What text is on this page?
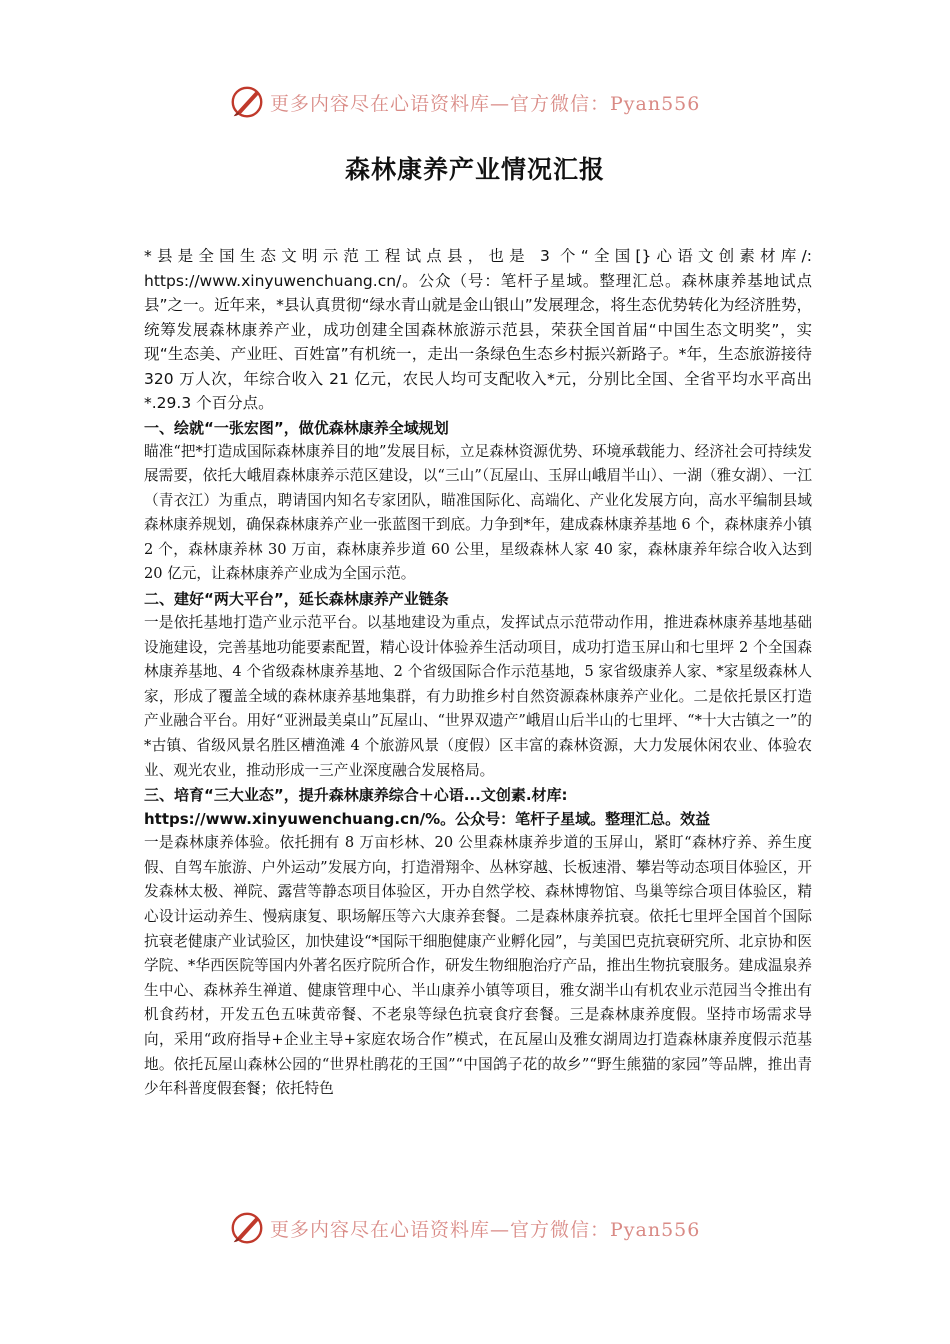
更多内容尽在心语资料库—官方微信：Pyan556
森林康养产业情况汇报

*县是全国生态文明示范工程试点县，也是 3 个“全国[}心语文创素材库/: https://www.xinyuwenchuang.cn/。公众（号：笔杆子星域。整理汇总。森林康养基地试点县”之一。近年来，*县认真贯彻“绿水青山就是金山银山”发展理念，将生态优势转化为经济胜势，统筹发展森林康养产业，成功创建全国森林旅游示范县，荣获全国首届“中国生态文明奖”，实现“生态美、产业旺、百姓富”有机统一，走出一条绿色生态乡村振兴新路子。*年，生态旅游接待 320 万人次，年综合收入 21 亿元，农民人均可支配收入*元，分别比全国、全省平均水平高出*.29.3 个百分点。

一、绘就“一张宏图”，做优森林康养全域规划

瞄准“把*打造成国际森林康养目的地”发展目标，立足森林资源优势、环境承载能力、经济社会可持续发展需要，依托大峨眉森林康养示范区建设，以“三山”（瓦屋山、玉屏山峨眉半山）、一湖（雅女湖）、一江（青衣江）为重点，聘请国内知名专家团队，瞄准国际化、高端化、产业化发展方向，高水平编制县域森林康养规划，确保森林康养产业一张蓝图干到底。力争到*年，建成森林康养基地 6 个，森林康养小镇 2 个，森林康养林 30 万亩，森林康养步道 60 公里，星级森林人家 40 家，森林康养年综合收入达到 20 亿元，让森林康养产业成为全国示范。

二、建好“两大平台”，延长森林康养产业链条

一是依托基地打造产业示范平台。以基地建设为重点，发挥试点示范带动作用，推进森林康养基地基础设施建设，完善基地功能要素配置，精心设计体验养生活动项目，成功打造玉屏山和七里坪 2 个全国森林康养基地、4 个省级森林康养基地、2 个省级国际合作示范基地，5 家省级康养人家、*家星级森林人家，形成了覆盖全域的森林康养基地集群，有力助推乡村自然资源森林康养产业化。二是依托景区打造产业融合平台。用好“亚洲最美桌山”瓦屋山、“世界双遗产”峨眉山后半山的七里坪、“*十大古镇之一”的*古镇、省级风景名胜区槽渔滩 4 个旅游风景（度假）区丰富的森林资源，大力发展休闲农业、体验农业、观光农业，推动形成一三产业深度融合发展格局。

三、培育“三大业态”，提升森林康养综合＋心语...文创素.材库: https://www.xinyuwenchuang.cn/%。公众号：笔杆子星域。整理汇总。效益

一是森林康养体验。依托拥有 8 万亩杉林、20 公里森林康养步道的玉屏山，紧盯“森林疗养、养生度假、自驾车旅游、户外运动”发展方向，打造滑翔伞、丛林穿越、长板速滑、攀岩等动态项目体验区，开发森林太极、禅院、露营等静态项目体验区，开办自然学校、森林博物馆、鸟巢等综合项目体验区，精心设计运动养生、慢病康复、职场解压等六大康养套餐。二是森林康养抗衰。依托七里坪全国首个国际抗衰老健康产业试验区，加快建设“*国际干细胞健康产业孵化园”，与美国巴克抗衰研究所、北京协和医学院、*华西医院等国内外著名医疗院所合作，研发生物细胞治疗产品，推出生物抗衰服务。建成温泉养生中心、森林养生禅道、健康管理中心、半山康养小镇等项目，雅女湖半山有机农业示范园当令推出有机食药材，开发五色五味黄帝餐、不老泉等绿色抗衰食疗套餐。三是森林康养度假。坚持市场需求导向，采用“政府指导+企业主导+家庭农场合作”模式，在瓦屋山及雅女湖周边打造森林康养度假示范基地。依托瓦屋山森林公园的“世界杜鹃花的王国”“中国鸽子花的故乡”“野生熊猫的家园”等品牌，推出青少年科普度假套餐；依托特色

更多内容尽在心语资料库—官方微信：Pyan556
